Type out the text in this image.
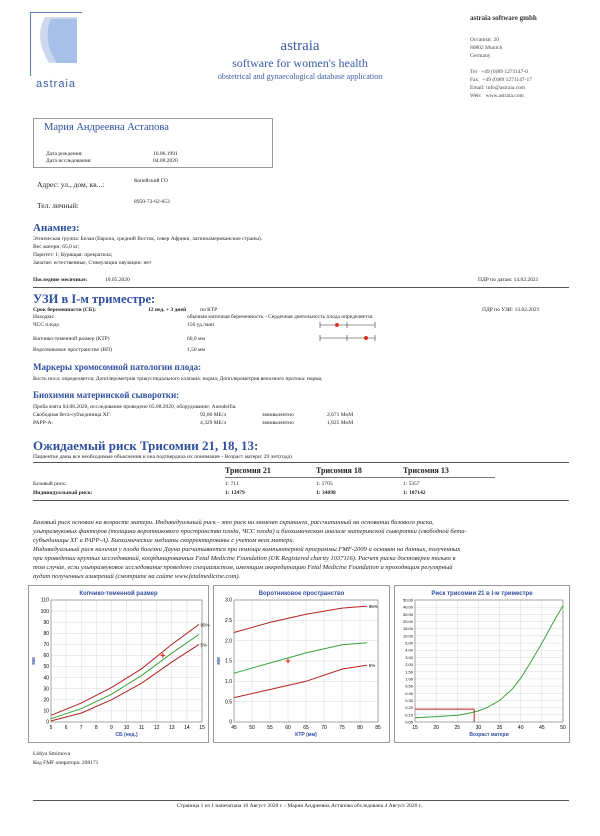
astraia
astraia
software for women's health
obstetrical and gynaecological database application
astraia software gmbh
Occamstr. 20
80802 Munich
Germany

Tel   +49 (0)89 1271147-0
Fax   +49 (0)89 1271147-17
Email: info@astraia.com
Web:   www.astraia.com
Мария Андреевна Астапова
Дата рождения:	10.06.1991
Дата исследования:	04.08.2020
Адрес: ул., дом, кв...:	Копейский ГО
Тел. личный:	8950-72-62-053
Анамнез:
Этническая группа: Белая (Европа, средний Восток, север Африки, латиноамериканские страны).
Вес матери: 65,0 кг;
Паритет: 1; Курящая: прекратила;
Зачатие: естественные, Стимуляции овуляции: нет
Последние месячные:	10.05.2020	ПДР по датам: 14.02.2021
УЗИ в I-м триместре:
Срок беременности (СБ):	12 нед. + 3 дней	по КТР	ПДР по УЗИ: 13.02.2021
Находки:	обычная маточная беременность - Сердечная деятельность плода определяется
ЧСС плода	156 уд./мин
Копчико-теменной размер (КТР)	60,0 мм
Воротниковое пространство (ВП)	1,50 мм
Маркеры хромосомной патологии плода:
Кость носа: определяется; Допплерометрия трикуспидального клапана: норма; Допплерометрия венозного протока: норма;
Биохимия материнской сыворотки:
Проба взята 04.08.2020, исследование проведено 05.08.2020, оборудование: Autodelfia.
Свободная бета-субъединица ХГ:	92,80 МЕ/л	эквивалентно	2,671 МоМ
PAPP-A:	4,329 МЕ/л	эквивалентно	1,825 МоМ
Ожидаемый риск Трисомии 21, 18, 13:
Пациентке даны все необходимые объяснения и она подтвердила их понимание - Возраст матери: 29 лет(года)
Трисомия 21	Трисомия 18	Трисомия 13
Базовый риск:	1: 711	1: 1705	1: 5357
Индивидуальный риск:	1: 12479	1: 34098	1: 107142
Базовый риск основан на возрасте матери. Индивидуальный риск - это риск на момент скрининга, рассчитанный на основании базового риска,
ультразвуковых факторов (толщина воротникового пространства плода, ЧСС плода) и биохимическом анализе материнской сыворотки (свободной бета-
субъединицы ХГ и PAPP-A). Биохимические медианы скорректированы с учетом веса матери.
Индивидуальный риск наличия у плода болезни Дауна расчитывается при помощи компьютерной программы FMF-2009 и основан на данных, полученных
при проведении крупных исследований, координированных Fetal Medicine Foundation (UK Registered charity 1037116). Расчет риска достоверен только в
том случае, если ультразвуковое исследование проведено специалистом, имеющим аккредитацию Fetal Medicine Foundation и проходящим регулярный
аудит полученных измерений (смотрите на сайте www.fetalmedicine.com).
Копчико-теменной размер
5 6 7 8 9 10 11 12 13 14 15
0
10
20
30
40
50
60
70
80
90
100
110
95%
5%
СБ (нед.)
мм
Воротниковое пространство
45 50 55 60 65 70 75 80 85
0
0.5
1.0
1.5
2.0
2.5
3.0
95%
5%
КТР (мм)
мм
Риск трисомии 21 в I-м триместре
15	20	25	30	35	40	45	50
0.05
0.10
0.20
0.30
0.40
0.50
1.00
1.50
2.00
3.00
4.00
5.00
10.00
15.00
20.00
30.00
40.00
50.00
Возраст матери
Lidiya Smirnova
Код FMF оператора: 208171
Страница 1 из 1 напечатана 10 Август 2020 г. - Мария Андреевна Астапова обследована 4 Август 2020 г..
